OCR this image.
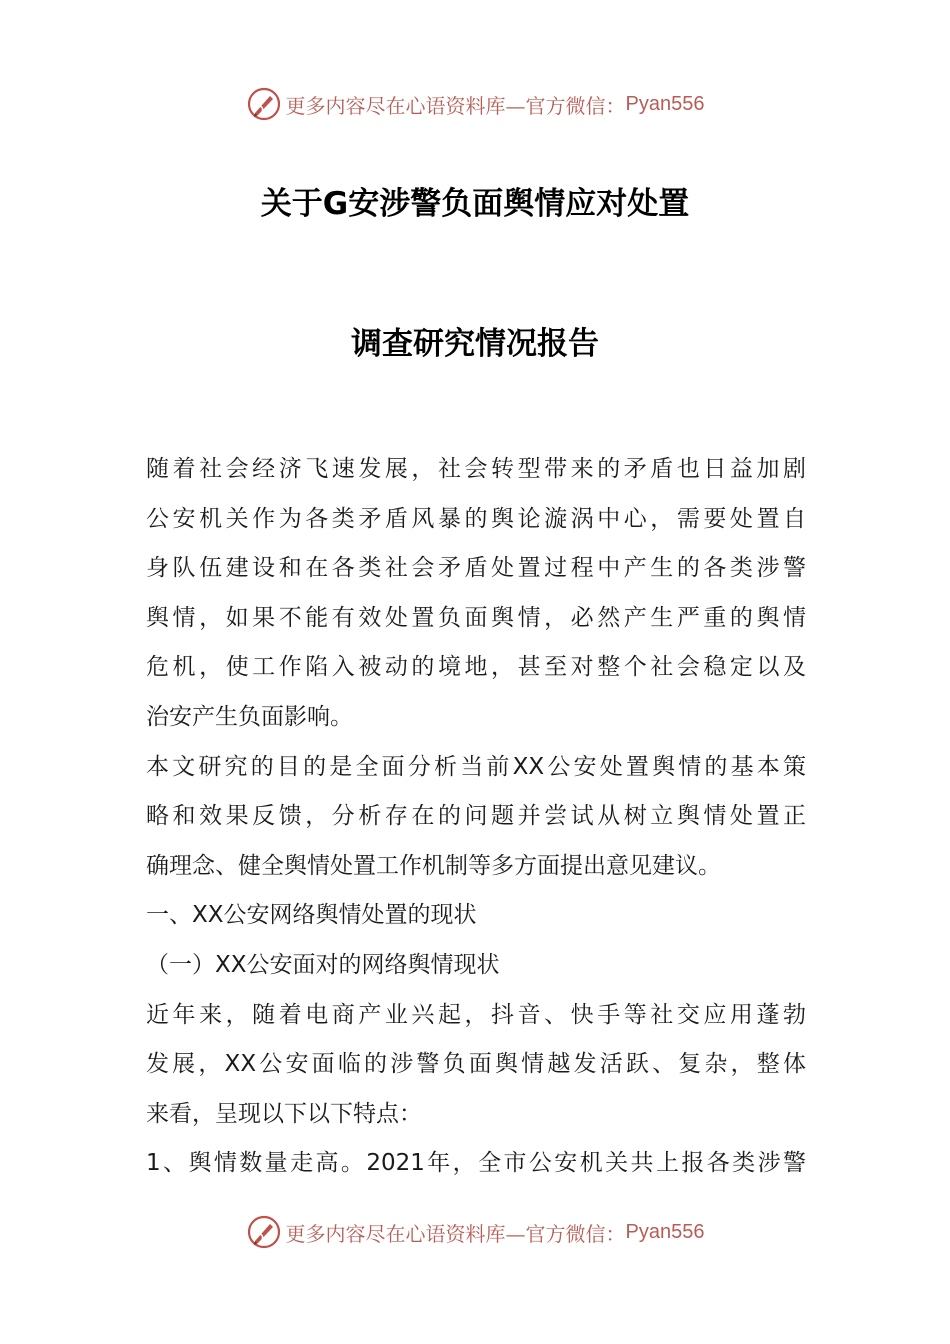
更多内容尽在心语资料库—官方微信： Pyan556
关于G安涉警负面舆情应对处置
调查研究情况报告
随着社会经济飞速发展，社会转型带来的矛盾也日益加剧
公安机关作为各类矛盾风暴的舆论漩涡中心，需要处置自
身队伍建设和在各类社会矛盾处置过程中产生的各类涉警
舆情，如果不能有效处置负面舆情，必然产生严重的舆情
危机，使工作陷入被动的境地，甚至对整个社会稳定以及
治安产生负面影响。
本文研究的目的是全面分析当前XX公安处置舆情的基本策
略和效果反馈，分析存在的问题并尝试从树立舆情处置正
确理念、健全舆情处置工作机制等多方面提出意见建议。
一、XX公安网络舆情处置的现状
（一）XX公安面对的网络舆情现状
近年来，随着电商产业兴起，抖音、快手等社交应用蓬勃
发展，XX公安面临的涉警负面舆情越发活跃、复杂，整体
来看，呈现以下以下特点：
1、舆情数量走高。2021年，全市公安机关共上报各类涉警
更多内容尽在心语资料库—官方微信： Pyan556
